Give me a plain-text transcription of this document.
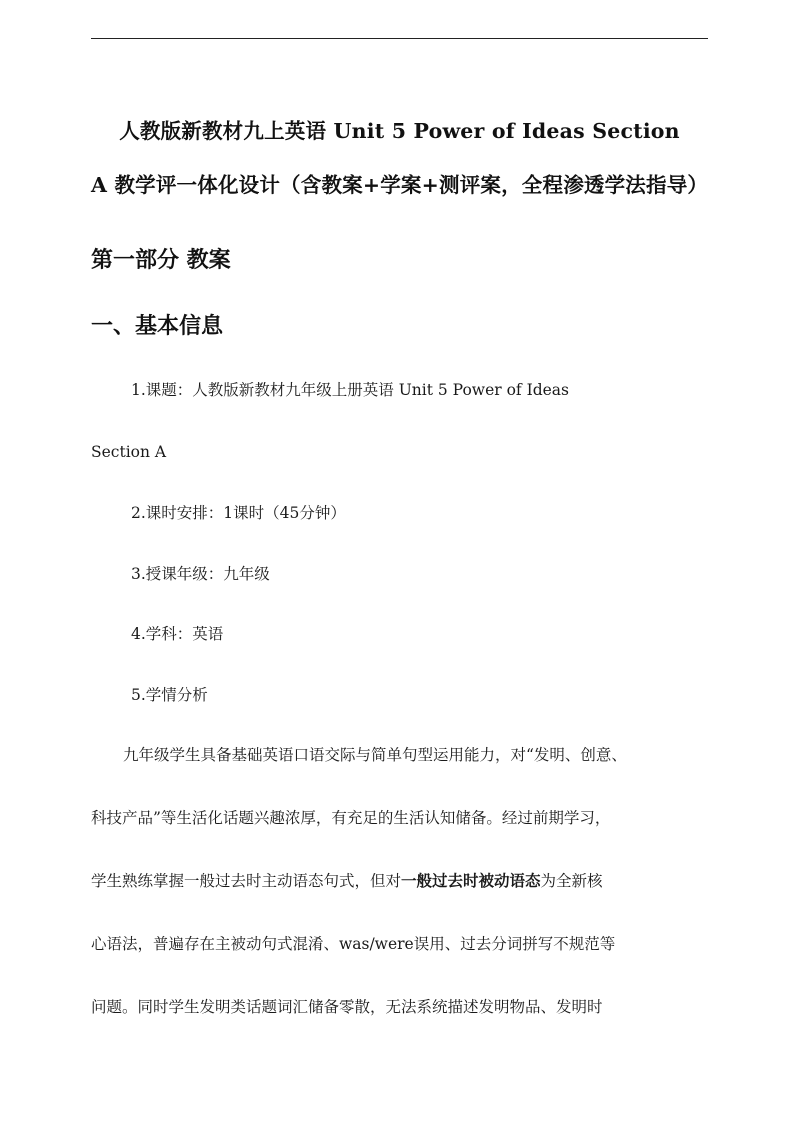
人教版新教材九上英语 Unit 5 Power of Ideas Section
A 教学评一体化设计（含教案+学案+测评案，全程渗透学法指导）
第一部分 教案
一、基本信息
1.课题：人教版新教材九年级上册英语 Unit 5 Power of Ideas
Section A
2.课时安排：1课时（45分钟）
3.授课年级：九年级
4.学科：英语
5.学情分析
九年级学生具备基础英语口语交际与简单句型运用能力，对“发明、创意、
科技产品”等生活化话题兴趣浓厚，有充足的生活认知储备。经过前期学习，
学生熟练掌握一般过去时主动语态句式，但对一般过去时被动语态为全新核
心语法，普遍存在主被动句式混淆、was/were误用、过去分词拼写不规范等
问题。同时学生发明类话题词汇储备零散，无法系统描述发明物品、发明时
